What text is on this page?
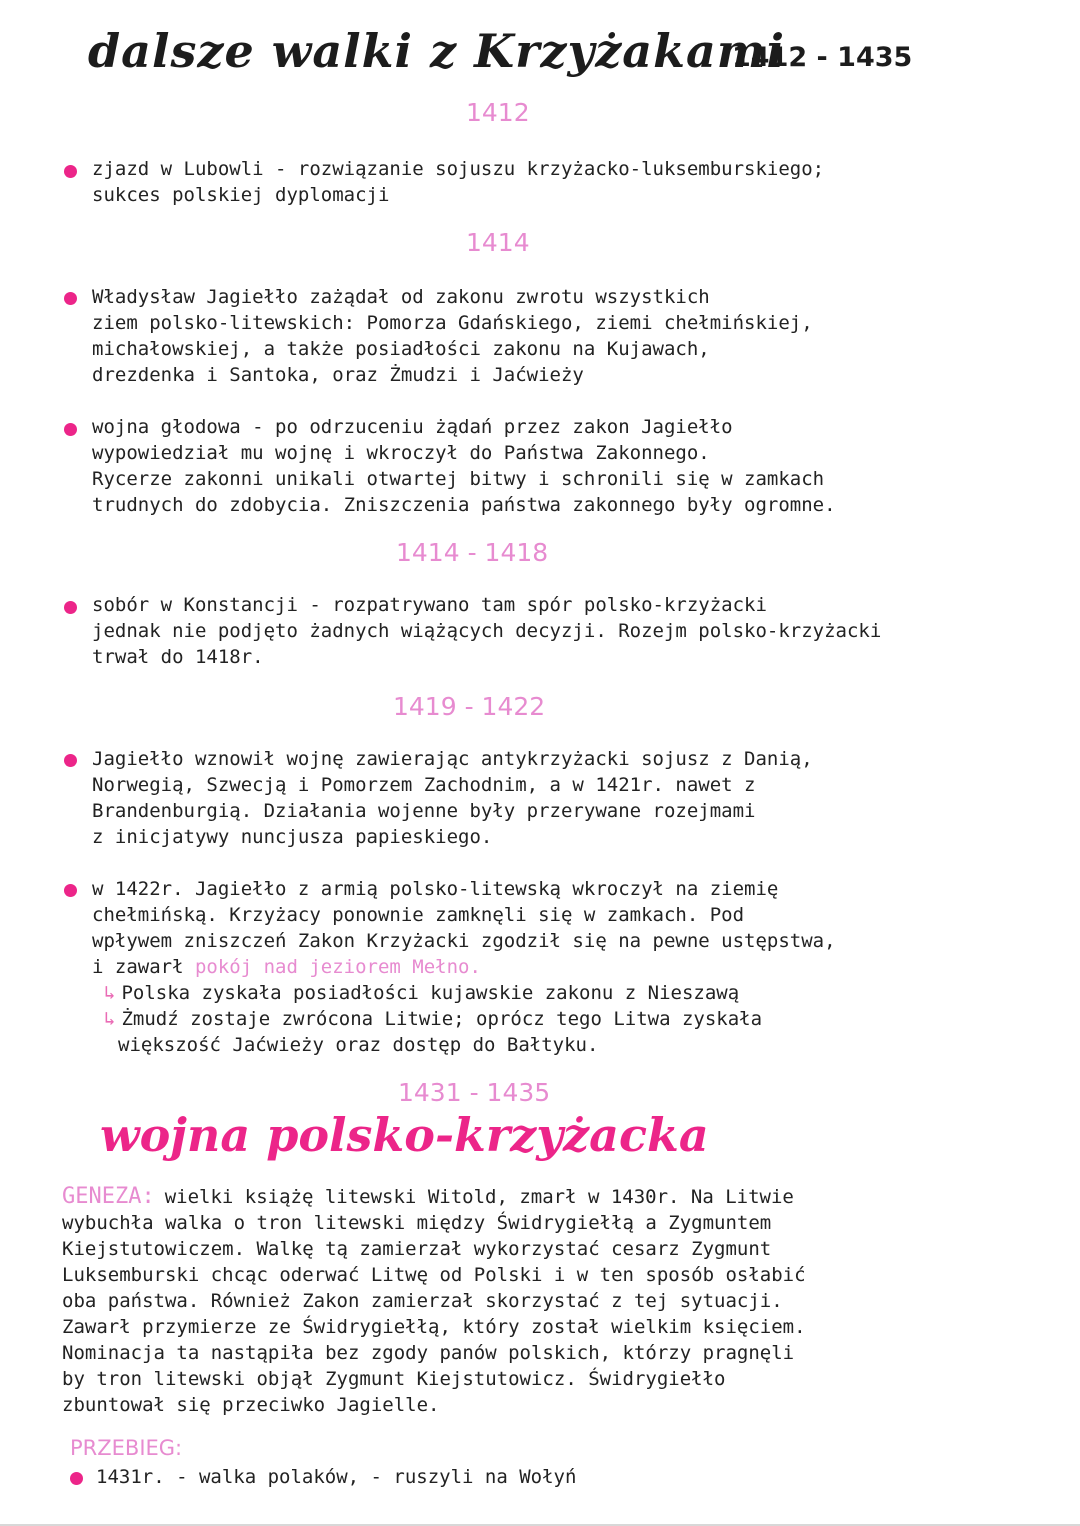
dalsze walki z Krzyżakami
1412 - 1435
1412
zjazd w Lubowli - rozwiązanie sojuszu krzyżacko-luksemburskiego;
sukces polskiej dyplomacji
1414
Władysław Jagiełło zażądał od zakonu zwrotu wszystkich
ziem polsko-litewskich: Pomorza Gdańskiego, ziemi chełmińskiej,
michałowskiej, a także posiadłości zakonu na Kujawach,
drezdenka i Santoka, oraz Żmudzi i Jaćwieży
wojna głodowa - po odrzuceniu żądań przez zakon Jagiełło
wypowiedział mu wojnę i wkroczył do Państwa Zakonnego.
Rycerze zakonni unikali otwartej bitwy i schronili się w zamkach
trudnych do zdobycia. Zniszczenia państwa zakonnego były ogromne.
1414 - 1418
sobór w Konstancji - rozpatrywano tam spór polsko-krzyżacki
jednak nie podjęto żadnych wiążących decyzji. Rozejm polsko-krzyżacki
trwał do 1418r.
1419 - 1422
Jagiełło wznowił wojnę zawierając antykrzyżacki sojusz z Danią,
Norwegią, Szwecją i Pomorzem Zachodnim, a w 1421r. nawet z
Brandenburgią. Działania wojenne były przerywane rozejmami
z inicjatywy nuncjusza papieskiego.
w 1422r. Jagiełło z armią polsko-litewską wkroczył na ziemię
chełmińską. Krzyżacy ponownie zamknęli się w zamkach. Pod
wpływem zniszczeń Zakon Krzyżacki zgodził się na pewne ustępstwa,
i zawarł pokój nad jeziorem Mełno.
↳ Polska zyskała posiadłości kujawskie zakonu z Nieszawą
↳ Żmudź zostaje zwrócona Litwie; oprócz tego Litwa zyskała
większość Jaćwieży oraz dostęp do Bałtyku.
1431 - 1435
wojna polsko-krzyżacka
GENEZA: wielki książę litewski Witold, zmarł w 1430r. Na Litwie
wybuchła walka o tron litewski między Świdrygiełłą a Zygmuntem
Kiejstutowiczem. Walkę tą zamierzał wykorzystać cesarz Zygmunt
Luksemburski chcąc oderwać Litwę od Polski i w ten sposób osłabić
oba państwa. Również Zakon zamierzał skorzystać z tej sytuacji.
Zawarł przymierze ze Świdrygiełłą, który został wielkim księciem.
Nominacja ta nastąpiła bez zgody panów polskich, którzy pragnęli
by tron litewski objął Zygmunt Kiejstutowicz. Świdrygiełło
zbuntował się przeciwko Jagielle.
PRZEBIEG:
1431r. - walka polaków, - ruszyli na Wołyń
